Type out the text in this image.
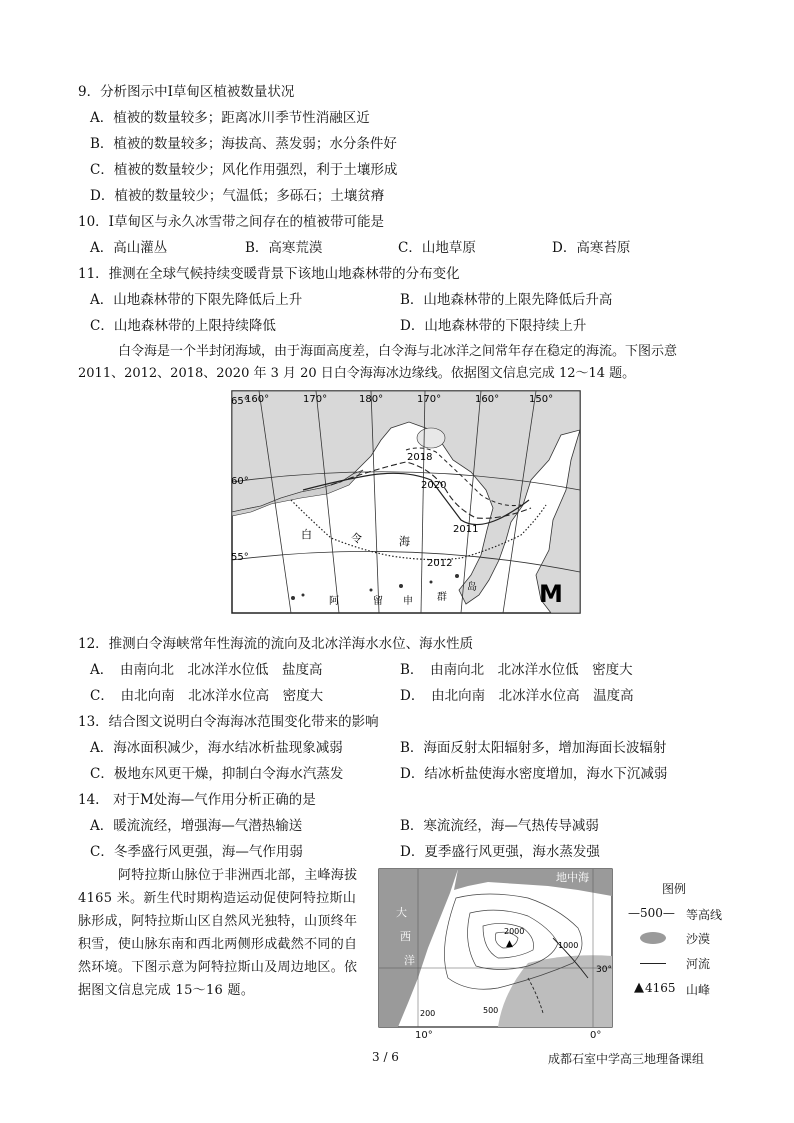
9．分析图示中Ⅰ草甸区植被数量状况
A．植被的数量较多；距离冰川季节性消融区近
B．植被的数量较多；海拔高、蒸发弱；水分条件好
C．植被的数量较少；风化作用强烈，利于土壤形成
D．植被的数量较少；气温低；多砾石；土壤贫瘠
10．Ⅰ草甸区与永久冰雪带之间存在的植被带可能是
A．高山灌丛	B．高寒荒漠	C．山地草原	D．高寒苔原
11．推测在全球气候持续变暖背景下该地山地森林带的分布变化
A．山地森林带的下限先降低后上升	B．山地森林带的上限先降低后升高
C．山地森林带的上限持续降低	D．山地森林带的下限持续上升
白令海是一个半封闭海域，由于海面高度差，白令海与北冰洋之间常年存在稳定的海流。下图示意
2011、2012、2018、2020 年 3 月 20 日白令海海冰边缘线。依据图文信息完成 12～14 题。
65°
60°
55°
160°	170°	180°	170°	160°	150°
2018
2020
2011
2012
白	令	海
阿	留 申 群
岛	M
12．推测白令海峡常年性海流的流向及北冰洋海水水位、海水性质
A．　由南向北　北冰洋水位低　盐度高	B．　由南向北　北冰洋水位低　密度大
C．　由北向南　北冰洋水位高　密度大	D．　由北向南　北冰洋水位高　温度高
13．结合图文说明白令海海冰范围变化带来的影响
A．海冰面积减少，海水结冰析盐现象减弱	B．海面反射太阳辐射多，增加海面长波辐射
C．极地东风更干燥，抑制白令海水汽蒸发	D．结冰析盐使海水密度增加，海水下沉减弱
14.　对于M处海—气作用分析正确的是
A．暖流流经，增强海—气潜热输送	B．寒流流经，海—气热传导减弱
C．冬季盛行风更强，海—气作用弱	D．夏季盛行风更强，海水蒸发强
阿特拉斯山脉位于非洲西北部，主峰海拔
4165 米。新生代时期构造运动促使阿特拉斯山
脉形成，阿特拉斯山区自然风光独特，山顶终年
积雪，使山脉东南和西北两侧形成截然不同的自
然环境。下图示意为阿特拉斯山及周边地区。依
据图文信息完成 15～16 题。
地中海
大
西
洋
2000
1000
500
200
▲
30°
10°	0°
图例
—500— 等高线
沙漠
河流
▲ 4165 山峰
3 / 6	成都石室中学高三地理备课组
